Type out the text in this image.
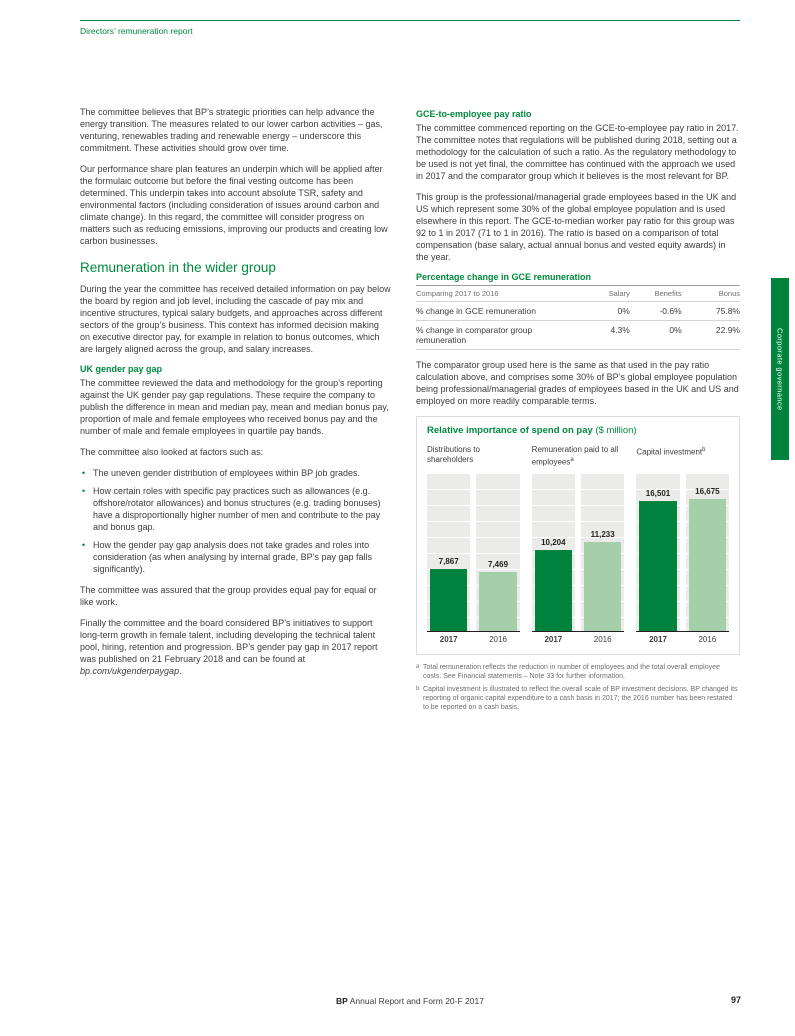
Directors’ remuneration report
Corporate governance

The committee believes that BP’s strategic priorities can help advance the energy transition. The measures related to our lower carbon activities – gas, venturing, renewables trading and renewable energy – underscore this commitment. These activities should grow over time.

Our performance share plan features an underpin which will be applied after the formulaic outcome but before the final vesting outcome has been determined. This underpin takes into account absolute TSR, safety and environmental factors (including consideration of issues around carbon and climate change). In this regard, the committee will consider progress on matters such as reducing emissions, improving our products and creating low carbon businesses.

Remuneration in the wider group

During the year the committee has received detailed information on pay below the board by region and job level, including the cascade of pay mix and incentive structures, typical salary budgets, and approaches across different sectors of the group’s business. This context has informed decision making on executive director pay, for example in relation to bonus outcomes, which are largely aligned across the group, and salary increases.

UK gender pay gap

The committee reviewed the data and methodology for the group’s reporting against the UK gender pay gap regulations. These require the company to publish the difference in mean and median pay, mean and median bonus pay, proportion of male and female employees who received bonus pay and the number of male and female employees in quartile pay bands.

The committee also looked at factors such as:

• The uneven gender distribution of employees within BP job grades.
• How certain roles with specific pay practices such as allowances (e.g. offshore/rotator allowances) and bonus structures (e.g. trading bonuses) have a disproportionally higher number of men and contribute to the pay and bonus gap.
• How the gender pay gap analysis does not take grades and roles into consideration (as when analysing by internal grade, BP’s pay gap falls significantly).

The committee was assured that the group provides equal pay for equal or like work.

Finally the committee and the board considered BP’s initiatives to support long-term growth in female talent, including developing the technical talent pool, hiring, retention and progression. BP’s gender pay gap in 2017 report was published on 21 February 2018 and can be found at bp.com/ukgenderpaygap.

GCE-to-employee pay ratio

The committee commenced reporting on the GCE-to-employee pay ratio in 2017. The committee notes that regulations will be published during 2018, setting out a methodology for the calculation of such a ratio. As the regulatory methodology to be used is not yet final, the committee has continued with the approach we used in 2017 and the comparator group which it believes is the most relevant for BP.

This group is the professional/managerial grade employees based in the UK and US which represent some 30% of the global employee population and is used elsewhere in this report. The GCE-to-median worker pay ratio for this group was 92 to 1 in 2017 (71 to 1 in 2016). The ratio is based on a comparison of total compensation (base salary, actual annual bonus and vested equity awards) in the year.

Percentage change in GCE remuneration
Comparing 2017 to 2016	Salary	Benefits	Bonus
% change in GCE remuneration	0%	-0.6%	75.8%
% change in comparator group remuneration	4.3%	0%	22.9%

The comparator group used here is the same as that used in the pay ratio calculation above, and comprises some 30% of BP’s global employee population being professional/managerial grades of employees based in the UK and US and employed on more readily comparable terms.

Relative importance of spend on pay ($ million)
Distributions to shareholders
7,867	7,469
2017	2016
Remuneration paid to all employees$^a$
10,204
11,233
2017	2016
Capital investment$^b$
16,501	16,675
2017	2016
a Total remuneration reflects the reduction in number of employees and the total overall employee costs. See Financial statements – Note 33 for further information.
b Capital investment is illustrated to reflect the overall scale of BP investment decisions. BP changed its reporting of organic capital expenditure to a cash basis in 2017; the 2016 number has been restated to be reported on a cash basis.
BP Annual Report and Form 20-F 2017	97
